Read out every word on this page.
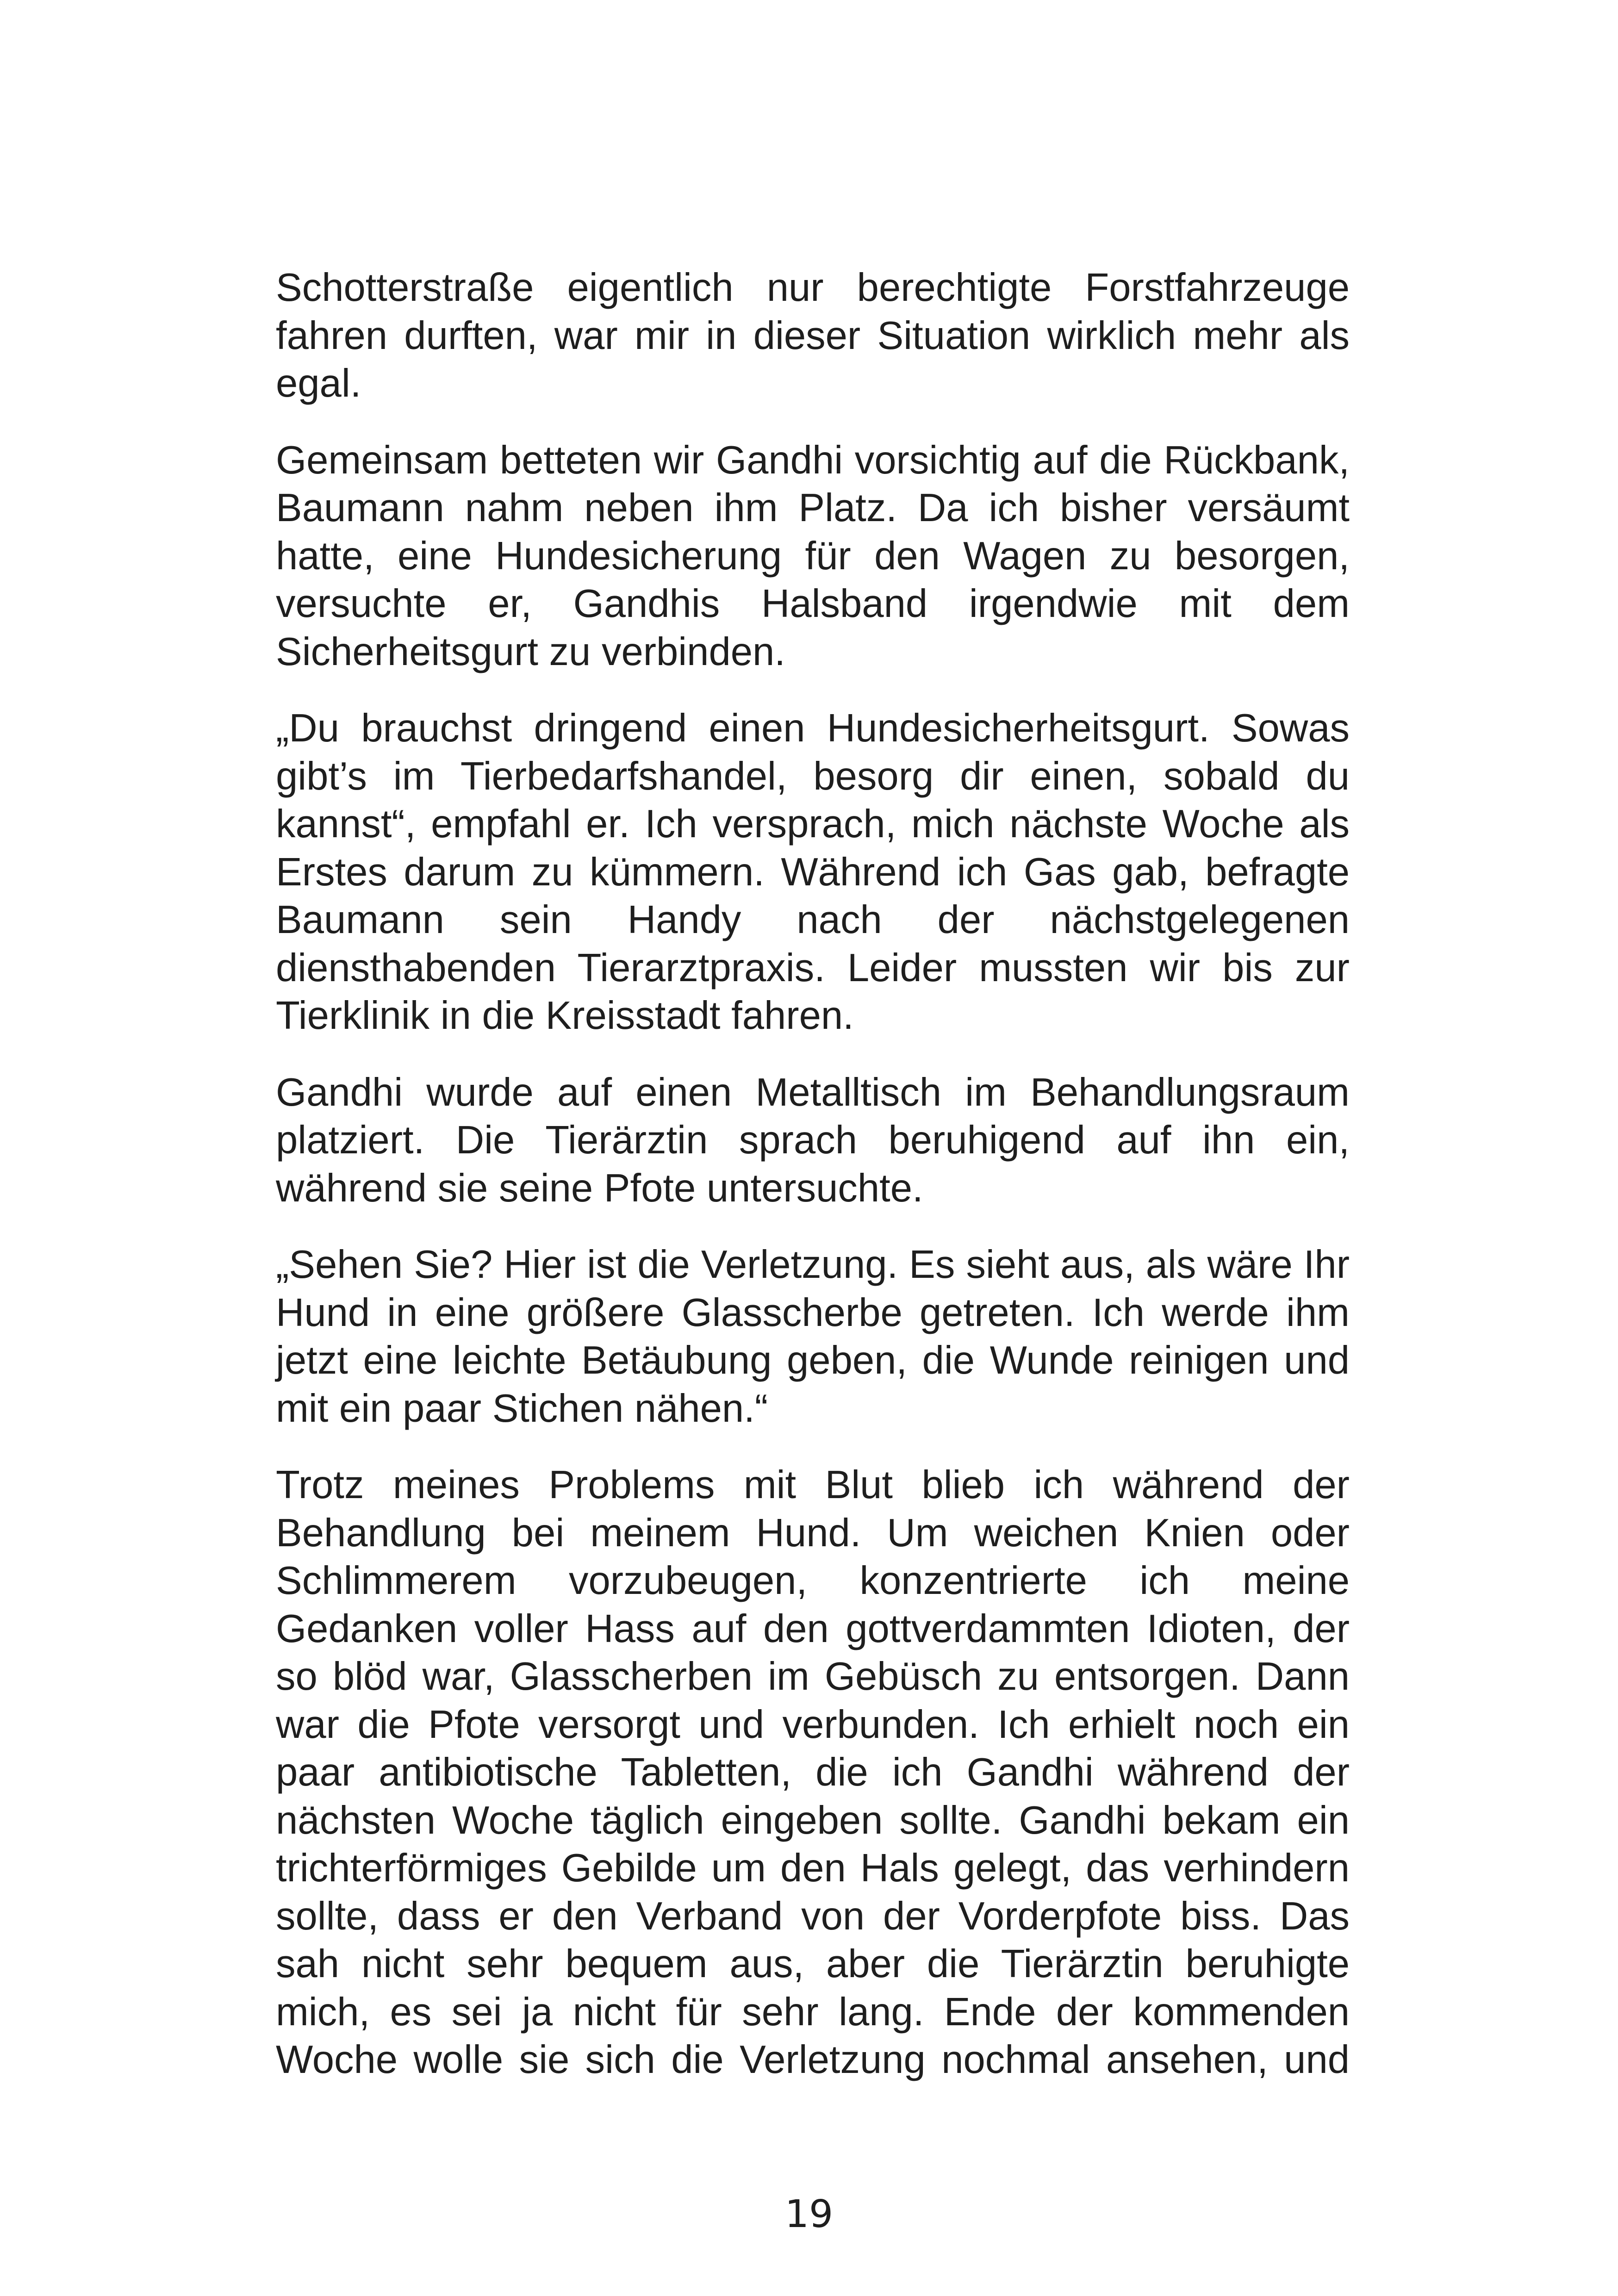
Schotterstraße eigentlich nur berechtigte Forstfahrzeuge fahren durften, war mir in dieser Situation wirklich mehr als egal.

Gemeinsam betteten wir Gandhi vorsichtig auf die Rückbank, Baumann nahm neben ihm Platz. Da ich bisher versäumt hatte, eine Hundesicherung für den Wagen zu besorgen, versuchte er, Gandhis Halsband irgendwie mit dem Sicherheitsgurt zu verbinden.

„Du brauchst dringend einen Hundesicherheitsgurt. Sowas gibt’s im Tierbedarfshandel, besorg dir einen, sobald du kannst“, empfahl er. Ich versprach, mich nächste Woche als Erstes darum zu kümmern. Während ich Gas gab, befragte Baumann sein Handy nach der nächstgelegenen diensthabenden Tierarztpraxis. Leider mussten wir bis zur Tierklinik in die Kreisstadt fahren.

Gandhi wurde auf einen Metalltisch im Behandlungsraum platziert. Die Tierärztin sprach beruhigend auf ihn ein, während sie seine Pfote untersuchte.

„Sehen Sie? Hier ist die Verletzung. Es sieht aus, als wäre Ihr Hund in eine größere Glasscherbe getreten. Ich werde ihm jetzt eine leichte Betäubung geben, die Wunde reinigen und mit ein paar Stichen nähen.“

Trotz meines Problems mit Blut blieb ich während der Behandlung bei meinem Hund. Um weichen Knien oder Schlimmerem vorzubeugen, konzentrierte ich meine Gedanken voller Hass auf den gottverdammten Idioten, der so blöd war, Glasscherben im Gebüsch zu entsorgen. Dann war die Pfote versorgt und verbunden. Ich erhielt noch ein paar antibiotische Tabletten, die ich Gandhi während der nächsten Woche täglich eingeben sollte. Gandhi bekam ein trichterförmiges Gebilde um den Hals gelegt, das verhindern sollte, dass er den Verband von der Vorderpfote biss. Das sah nicht sehr bequem aus, aber die Tierärztin beruhigte mich, es sei ja nicht für sehr lang. Ende der kommenden Woche wolle sie sich die Verletzung nochmal ansehen, und

19
